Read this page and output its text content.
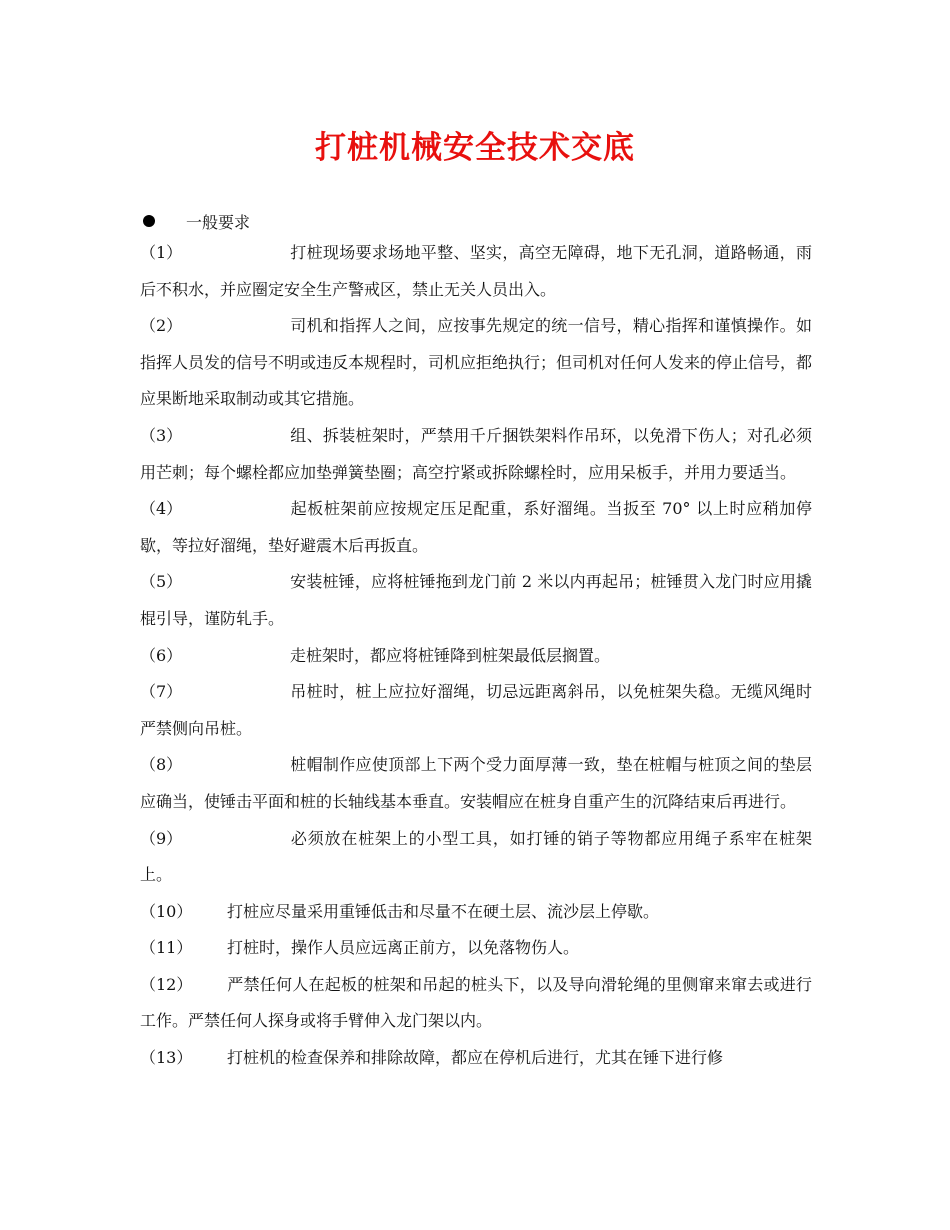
打桩机械安全技术交底
一般要求

（1）	打桩现场要求场地平整、坚实，高空无障碍，地下无孔洞，道路畅通，雨后不积水，并应圈定安全生产警戒区，禁止无关人员出入。

（2）	司机和指挥人之间，应按事先规定的统一信号，精心指挥和谨慎操作。如指挥人员发的信号不明或违反本规程时，司机应拒绝执行；但司机对任何人发来的停止信号，都应果断地采取制动或其它措施。

（3）	组、拆装桩架时，严禁用千斤捆铁架料作吊环，以免滑下伤人；对孔必须用芒刺；每个螺栓都应加垫弹簧垫圈；高空拧紧或拆除螺栓时，应用呆板手，并用力要适当。

（4）	起板桩架前应按规定压足配重，系好溜绳。当扳至 70° 以上时应稍加停歇，等拉好溜绳，垫好避震木后再扳直。

（5）	安装桩锤，应将桩锤拖到龙门前 2 米以内再起吊；桩锤贯入龙门时应用撬棍引导，谨防轧手。

（6）	走桩架时，都应将桩锤降到桩架最低层搁置。

（7）	吊桩时，桩上应拉好溜绳，切忌远距离斜吊，以免桩架失稳。无缆风绳时严禁侧向吊桩。

（8）	桩帽制作应使顶部上下两个受力面厚薄一致，垫在桩帽与桩顶之间的垫层应确当，使锤击平面和桩的长轴线基本垂直。安装帽应在桩身自重产生的沉降结束后再进行。

（9）	必须放在桩架上的小型工具，如打锤的销子等物都应用绳子系牢在桩架上。

（10） 打桩应尽量采用重锤低击和尽量不在硬土层、流沙层上停歇。

（11） 打桩时，操作人员应远离正前方，以免落物伤人。

（12） 严禁任何人在起板的桩架和吊起的桩头下，以及导向滑轮绳的里侧窜来窜去或进行工作。严禁任何人探身或将手臂伸入龙门架以内。

（13） 打桩机的检查保养和排除故障，都应在停机后进行，尤其在锤下进行修
